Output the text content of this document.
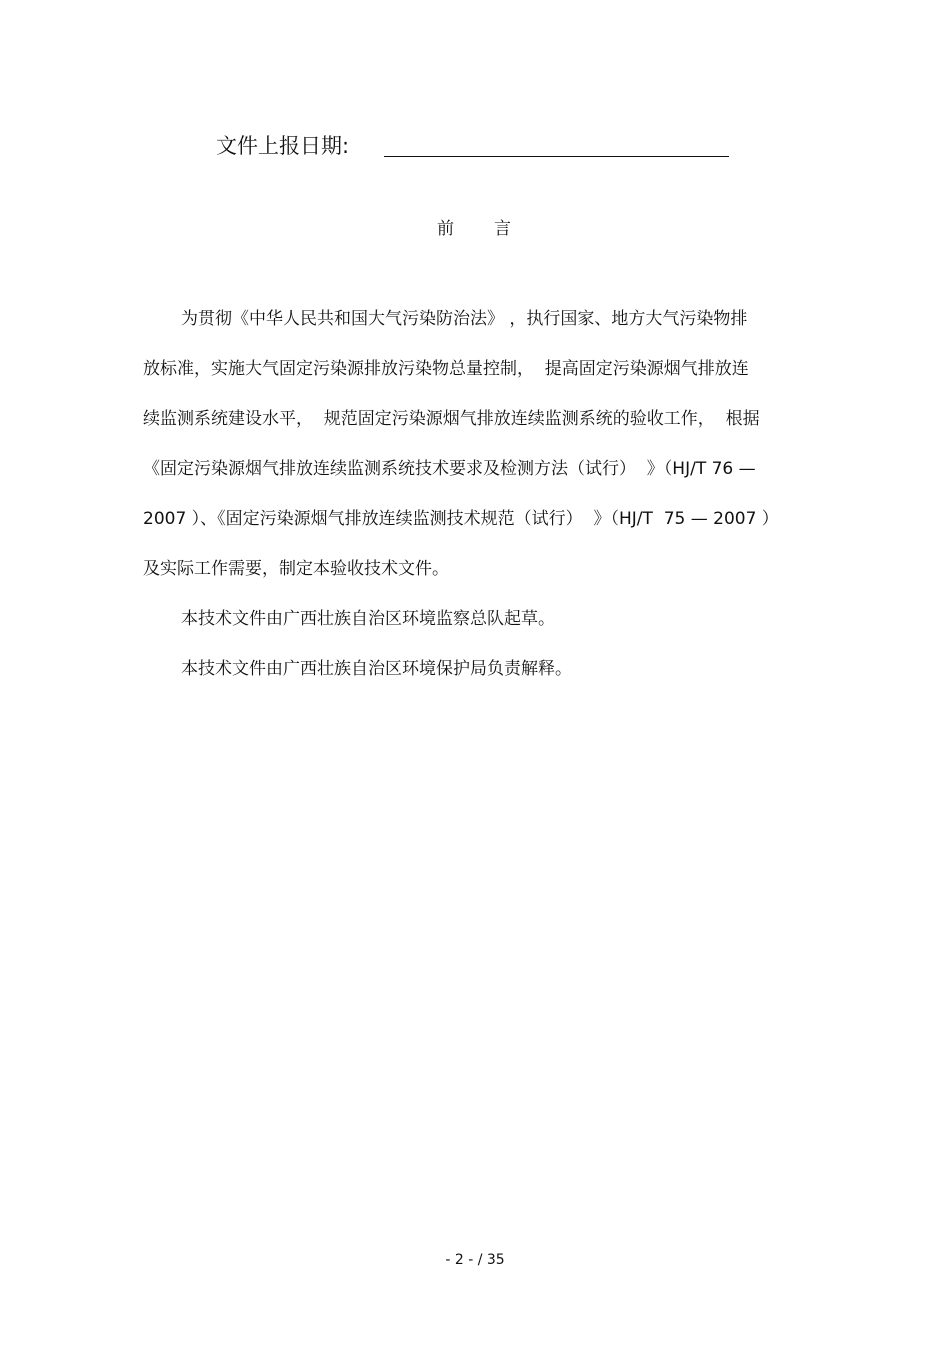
文件上报日期:
前言
为贯彻《中华人民共和国大气污染防治法》 ，执行国家、地方大气污染物排
放标准，实施大气固定污染源排放污染物总量控制，  提高固定污染源烟气排放连
续监测系统建设水平，  规范固定污染源烟气排放连续监测系统的验收工作，  根据
《固定污染源烟气排放连续监测系统技术要求及检测方法（试行）  》（HJ/T 76 —
2007 ）、《固定污染源烟气排放连续监测技术规范（试行）  》（HJ/T  75 — 2007 ）
及实际工作需要，制定本验收技术文件。
本技术文件由广西壮族自治区环境监察总队起草。
本技术文件由广西壮族自治区环境保护局负责解释。
- 2 - / 35
